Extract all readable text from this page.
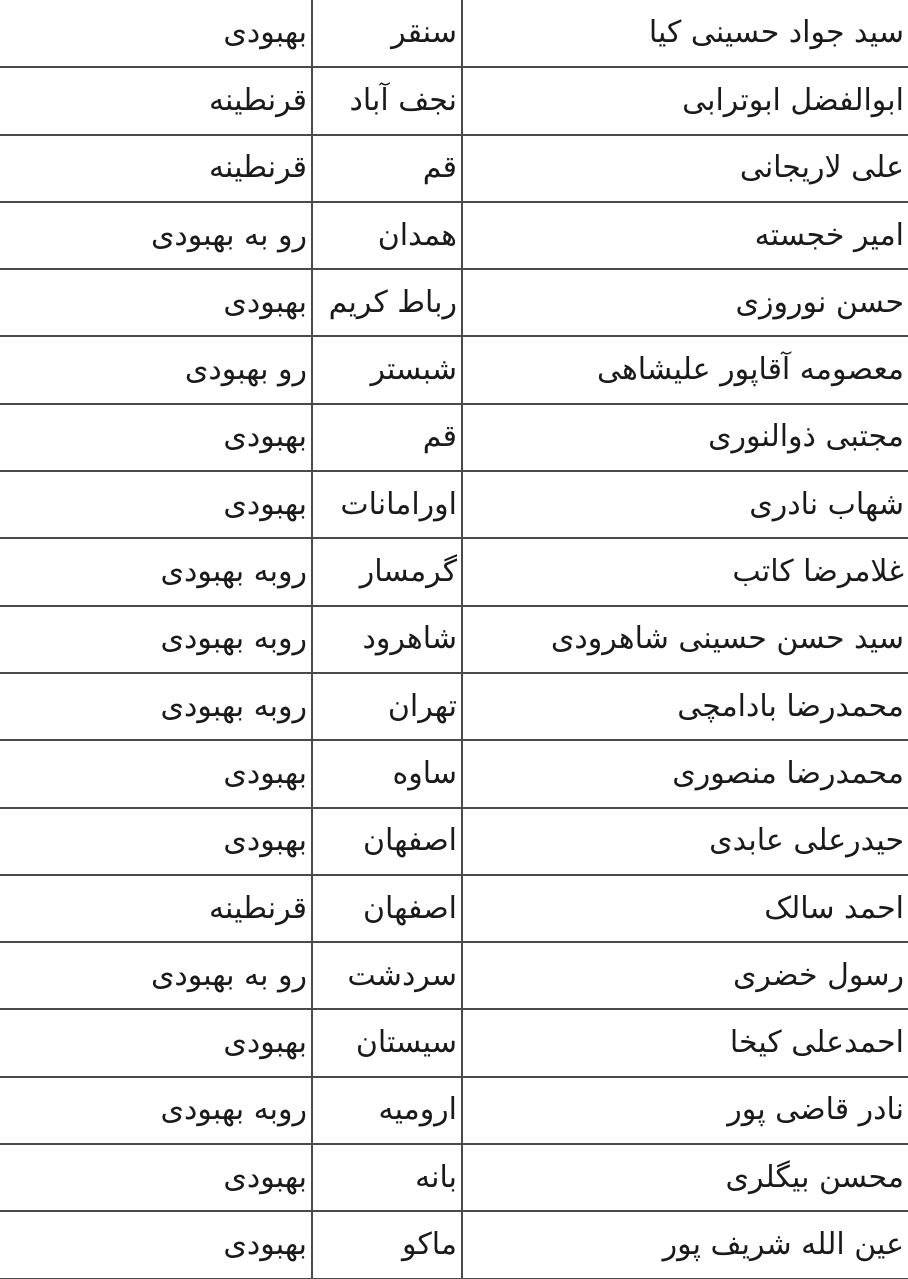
سید جواد حسینی کیا	سنقر	بهبودی
ابوالفضل ابوترابی	نجف آباد	قرنطینه
علی لاریجانی	قم	قرنطینه
امیر خجسته	همدان	رو به بهبودی
حسن نوروزی	رباط کریم	بهبودی
معصومه آقاپور علیشاهی	شبستر	رو بهبودی
مجتبی ذوالنوری	قم	بهبودی
شهاب نادری	اورامانات	بهبودی
غلامرضا کاتب	گرمسار	روبه بهبودی
سید حسن حسینی شاهرودی	شاهرود	روبه بهبودی
محمدرضا بادامچی	تهران	روبه بهبودی
محمدرضا منصوری	ساوه	بهبودی
حیدرعلی عابدی	اصفهان	بهبودی
احمد سالک	اصفهان	قرنطینه
رسول خضری	سردشت	رو به بهبودی
احمدعلی کیخا	سیستان	بهبودی
نادر قاضی پور	ارومیه	روبه بهبودی
محسن بیگلری	بانه	بهبودی
عین الله شریف پور	ماکو	بهبودی
